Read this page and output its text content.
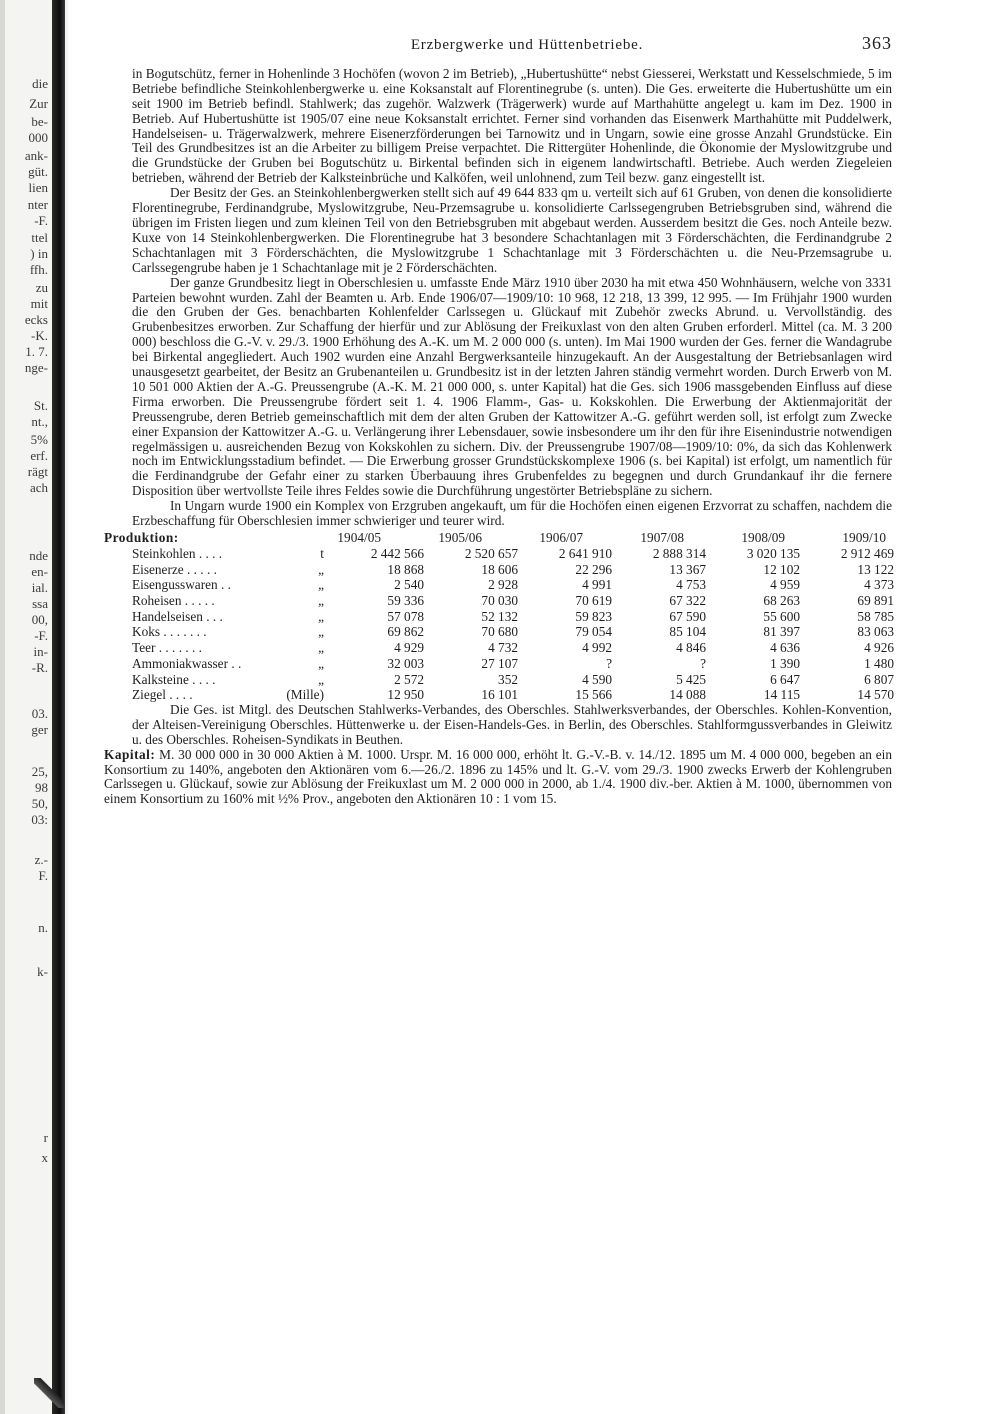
die
Zur
be-
000
ank-
güt.
lien
nter
-F.
ttel
) in
ffh.
zu
mit
ecks
-K.
1. 7.
nge-
St.
nt.,
5%
erf.
rägt
ach
nde
en-
ial.
ssa
00,
-F.
in-
-R.
03.
ger
25,
98
50,
03:
z.-
F.
n.
k-
r
x
Erzbergwerke und Hüttenbetriebe.	363

in Bogutschütz, ferner in Hohenlinde 3 Hochöfen (wovon 2 im Betrieb), „Hubertushütte“ nebst Giesserei, Werkstatt und Kesselschmiede, 5 im Betriebe befindliche Steinkohlenbergwerke u. eine Koksanstalt auf Florentinegrube (s. unten). Die Ges. erweiterte die Hubertushütte um ein seit 1900 im Betrieb befindl. Stahlwerk; das zugehör. Walzwerk (Trägerwerk) wurde auf Marthahütte angelegt u. kam im Dez. 1900 in Betrieb. Auf Hubertushütte ist 1905/07 eine neue Koksanstalt errichtet. Ferner sind vorhanden das Eisenwerk Marthahütte mit Puddelwerk, Handelseisen- u. Trägerwalzwerk, mehrere Eisenerzförderungen bei Tarnowitz und in Ungarn, sowie eine grosse Anzahl Grundstücke. Ein Teil des Grundbesitzes ist an die Arbeiter zu billigem Preise verpachtet. Die Rittergüter Hohenlinde, die Ökonomie der Myslowitzgrube und die Grundstücke der Gruben bei Bogutschütz u. Birkental befinden sich in eigenem landwirtschaftl. Betriebe. Auch werden Ziegeleien betrieben, während der Betrieb der Kalksteinbrüche und Kalköfen, weil unlohnend, zum Teil bezw. ganz eingestellt ist.

Der Besitz der Ges. an Steinkohlenbergwerken stellt sich auf 49 644 833 qm u. verteilt sich auf 61 Gruben, von denen die konsolidierte Florentinegrube, Ferdinandgrube, Myslowitzgrube, Neu-Przemsagrube u. konsolidierte Carlssegengruben Betriebsgruben sind, während die übrigen im Fristen liegen und zum kleinen Teil von den Betriebsgruben mit abgebaut werden. Ausserdem besitzt die Ges. noch Anteile bezw. Kuxe von 14 Steinkohlenbergwerken. Die Florentinegrube hat 3 besondere Schachtanlagen mit 3 Förderschächten, die Ferdinandgrube 2 Schachtanlagen mit 3 Förderschächten, die Myslowitzgrube 1 Schachtanlage mit 3 Förderschächten u. die Neu-Przemsagrube u. Carlssegengrube haben je 1 Schachtanlage mit je 2 Förderschächten.

Der ganze Grundbesitz liegt in Oberschlesien u. umfasste Ende März 1910 über 2030 ha mit etwa 450 Wohnhäusern, welche von 3331 Parteien bewohnt wurden. Zahl der Beamten u. Arb. Ende 1906/07—1909/10: 10 968, 12 218, 13 399, 12 995. — Im Frühjahr 1900 wurden die den Gruben der Ges. benachbarten Kohlenfelder Carlssegen u. Glückauf mit Zubehör zwecks Abrund. u. Vervollständig. des Grubenbesitzes erworben. Zur Schaffung der hierfür und zur Ablösung der Freikuxlast von den alten Gruben erforderl. Mittel (ca. M. 3 200 000) beschloss die G.-V. v. 29./3. 1900 Erhöhung des A.-K. um M. 2 000 000 (s. unten). Im Mai 1900 wurden der Ges. ferner die Wandagrube bei Birkental angegliedert. Auch 1902 wurden eine Anzahl Bergwerksanteile hinzugekauft. An der Ausgestaltung der Betriebsanlagen wird unausgesetzt gearbeitet, der Besitz an Grubenanteilen u. Grundbesitz ist in der letzten Jahren ständig vermehrt worden. Durch Erwerb von M. 10 501 000 Aktien der A.-G. Preussengrube (A.-K. M. 21 000 000, s. unter Kapital) hat die Ges. sich 1906 massgebenden Einfluss auf diese Firma erworben. Die Preussengrube fördert seit 1. 4. 1906 Flamm-, Gas- u. Kokskohlen. Die Erwerbung der Aktienmajorität der Preussengrube, deren Betrieb gemeinschaftlich mit dem der alten Gruben der Kattowitzer A.-G. geführt werden soll, ist erfolgt zum Zwecke einer Expansion der Kattowitzer A.-G. u. Verlängerung ihrer Lebensdauer, sowie insbesondere um ihr den für ihre Eisenindustrie notwendigen regelmässigen u. ausreichenden Bezug von Kokskohlen zu sichern. Div. der Preussengrube 1907/08—1909/10: 0%, da sich das Kohlenwerk noch im Entwicklungsstadium befindet. — Die Erwerbung grosser Grundstückskomplexe 1906 (s. bei Kapital) ist erfolgt, um namentlich für die Ferdinandgrube der Gefahr einer zu starken Überbauung ihres Grubenfeldes zu begegnen und durch Grundankauf ihr die fernere Disposition über wertvollste Teile ihres Feldes sowie die Durchführung ungestörter Betriebspläne zu sichern.

In Ungarn wurde 1900 ein Komplex von Erzgruben angekauft, um für die Hochöfen einen eigenen Erzvorrat zu schaffen, nachdem die Erzbeschaffung für Oberschlesien immer schwieriger und teurer wird.

Produktion:	1904/05	1905/06	1906/07	1907/08	1908/09	1909/10
Steinkohlen . . . .	t	2 442 566	2 520 657	2 641 910	2 888 314	3 020 135	2 912 469
Eisenerze . . . . .	„	18 868	18 606	22 296	13 367	12 102	13 122
Eisengusswaren . .	„	2 540	2 928	4 991	4 753	4 959	4 373
Roheisen . . . . .	„	59 336	70 030	70 619	67 322	68 263	69 891
Handelseisen . . .	„	57 078	52 132	59 823	67 590	55 600	58 785
Koks . . . . . . .	„	69 862	70 680	79 054	85 104	81 397	83 063
Teer . . . . . . .	„	4 929	4 732	4 992	4 846	4 636	4 926
Ammoniakwasser . .	„	32 003	27 107	?	?	1 390	1 480
Kalksteine . . . .	„	2 572	352	4 590	5 425	6 647	6 807
Ziegel . . . .	(Mille)	12 950	16 101	15 566	14 088	14 115	14 570

Die Ges. ist Mitgl. des Deutschen Stahlwerks-Verbandes, des Oberschles. Stahlwerksverbandes, der Oberschles. Kohlen-Konvention, der Alteisen-Vereinigung Oberschles. Hüttenwerke u. der Eisen-Handels-Ges. in Berlin, des Oberschles. Stahlformgussverbandes in Gleiwitz u. des Oberschles. Roheisen-Syndikats in Beuthen.

Kapital: M. 30 000 000 in 30 000 Aktien à M. 1000. Urspr. M. 16 000 000, erhöht lt. G.-V.-B. v. 14./12. 1895 um M. 4 000 000, begeben an ein Konsortium zu 140%, angeboten den Aktionären vom 6.—26./2. 1896 zu 145% und lt. G.-V. vom 29./3. 1900 zwecks Erwerb der Kohlengruben Carlssegen u. Glückauf, sowie zur Ablösung der Freikuxlast um M. 2 000 000 in 2000, ab 1./4. 1900 div.-ber. Aktien à M. 1000, übernommen von einem Konsortium zu 160% mit ½% Prov., angeboten den Aktionären 10 : 1 vom 15.
